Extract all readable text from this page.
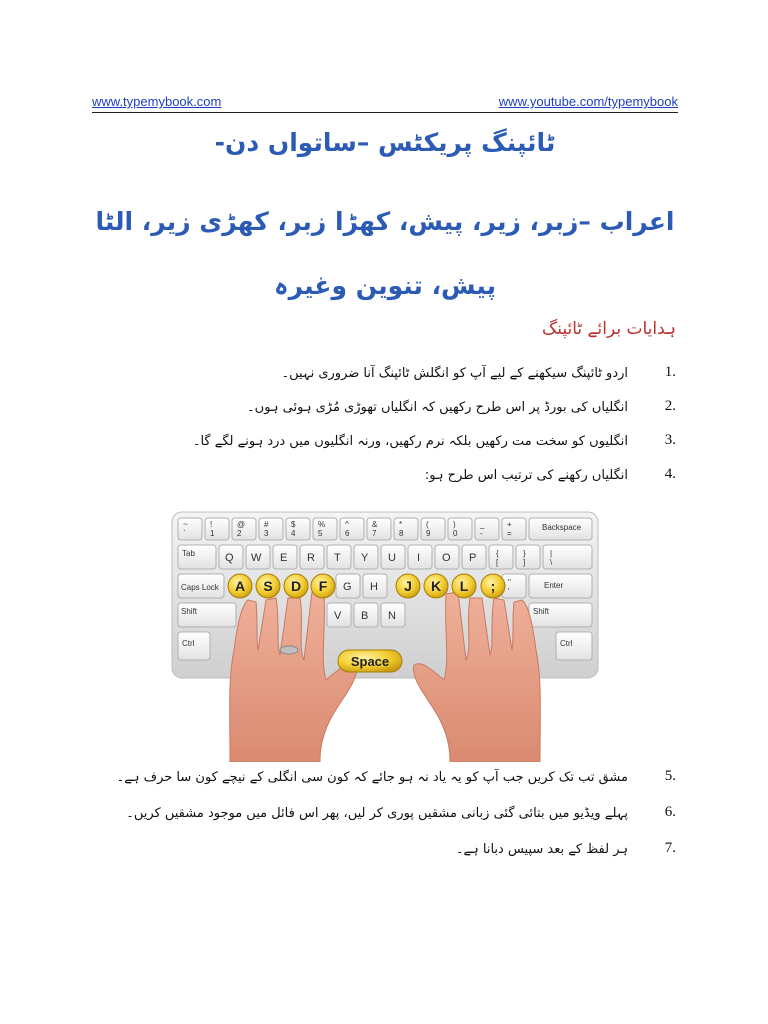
www.typemybook.com	www.youtube.com/typemybook
ٹائپنگ پریکٹس –ساتواں دن-
اعراب –زبر، زیر، پیش، کھڑا زبر، کھڑی زیر، الٹا پیش، تنوین وغیرہ
ہدایات برائے ٹائپنگ
1.
اردو ٹائپنگ سیکھنے کے لیے آپ کو انگلش ٹائپنگ آنا ضروری نہیں۔
2.
انگلیاں کی بورڈ پر اس طرح رکھیں کہ انگلیاں تھوڑی مُڑی ہوئی ہوں۔
3.
انگلیوں کو سخت مت رکھیں بلکہ نرم رکھیں، ورنہ انگلیوں میں درد ہونے لگے گا۔
4.
انگلیاں رکھنے کی ترتیب اس طرح ہو:
~ `
! 1
@ 2
# 3
$ 4
% 5
^ 6
& 7
* 8
( 9
) 0
_ -
+ =
Backspace
Tab	Q W E R T Y U I O P { [
} ]
| \
Caps Lock	G H	" '
Enter
Shift	V B N	Shift
Ctrl	Ctrl
A S D F	J K L ;
Space
5.
مشق تب تک کریں جب آپ کو یہ یاد نہ ہو جائے کہ کون سی انگلی کے نیچے کون سا حرف ہے۔
6.
پہلے ویڈیو میں بتائی گئی زبانی مشقیں پوری کر لیں، پھر اس فائل میں موجود مشقیں کریں۔
7.
ہر لفظ کے بعد سپیس دبانا ہے۔
